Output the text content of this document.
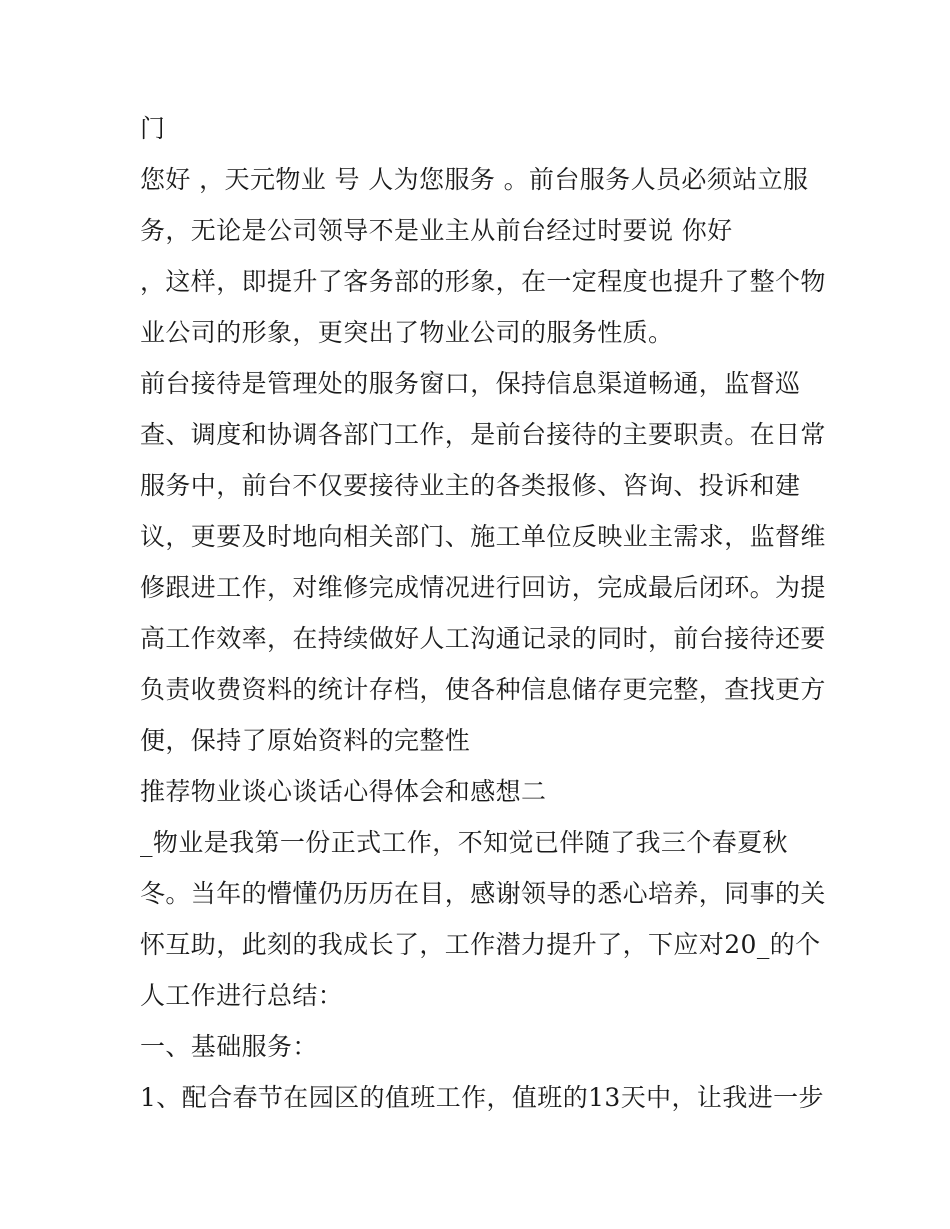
门
您好 ，天元物业 号 人为您服务 。前台服务人员必须站立服
务，无论是公司领导不是业主从前台经过时要说 你好
，这样，即提升了客务部的形象，在一定程度也提升了整个物
业公司的形象，更突出了物业公司的服务性质。
前台接待是管理处的服务窗口，保持信息渠道畅通，监督巡
查、调度和协调各部门工作，是前台接待的主要职责。在日常
服务中，前台不仅要接待业主的各类报修、咨询、投诉和建
议，更要及时地向相关部门、施工单位反映业主需求，监督维
修跟进工作，对维修完成情况进行回访，完成最后闭环。为提
高工作效率，在持续做好人工沟通记录的同时，前台接待还要
负责收费资料的统计存档，使各种信息储存更完整，查找更方
便，保持了原始资料的完整性
推荐物业谈心谈话心得体会和感想二
_物业是我第一份正式工作，不知觉已伴随了我三个春夏秋
冬。当年的懵懂仍历历在目，感谢领导的悉心培养，同事的关
怀互助，此刻的我成长了，工作潜力提升了，下应对20_的个
人工作进行总结：
一、基础服务：
1、配合春节在园区的值班工作，值班的13天中，让我进一步
